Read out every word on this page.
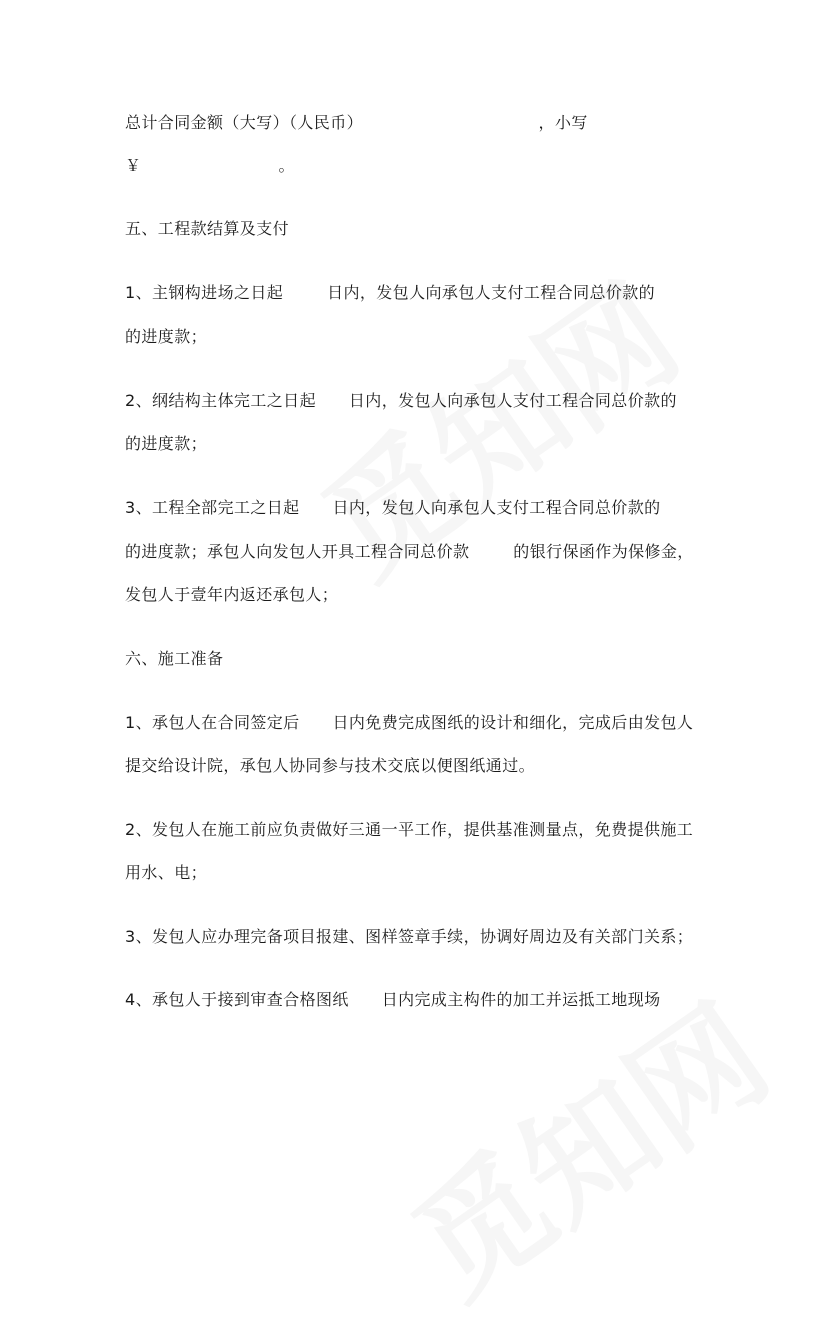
总计合同金额（大写）（人民币）                                ，小写
￥                         。
五、工程款结算及支付
1、主钢构进场之日起        日内，发包人向承包人支付工程合同总价款的
的进度款；
2、纲结构主体完工之日起      日内，发包人向承包人支付工程合同总价款的
的进度款；
3、工程全部完工之日起      日内，发包人向承包人支付工程合同总价款的
的进度款；承包人向发包人开具工程合同总价款        的银行保函作为保修金，
发包人于壹年内返还承包人；
六、施工准备
1、承包人在合同签定后      日内免费完成图纸的设计和细化，完成后由发包人
提交给设计院，承包人协同参与技术交底以便图纸通过。
2、发包人在施工前应负责做好三通一平工作，提供基准测量点，免费提供施工
用水、电；
3、发包人应办理完备项目报建、图样签章手续，协调好周边及有关部门关系；
4、承包人于接到审查合格图纸      日内完成主构件的加工并运抵工地现场
